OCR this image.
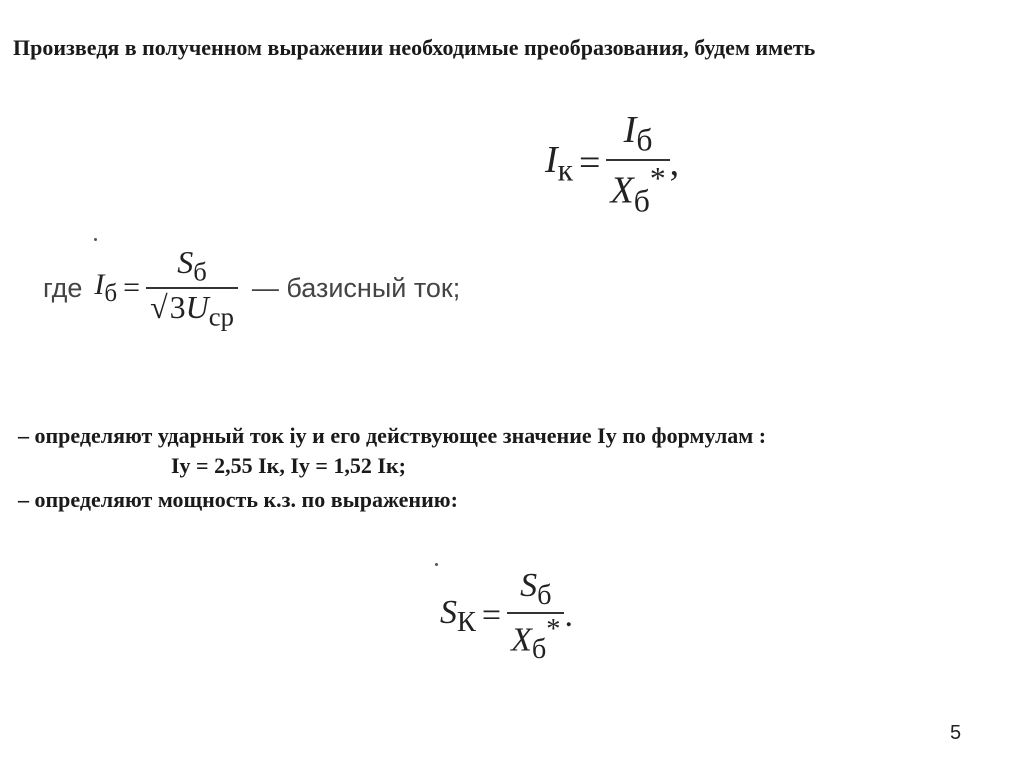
Произведя в полученном выражении необходимые преобразования, будем иметь
$I_к = \frac{I_б}{X_б^*}$ ,
где $I_б = \frac{S_б}{√3U_{ср}}$ — базисный ток;
– определяют ударный ток iу и его действующее значение Iу по формулам :
Iу = 2,55 Iк, Iу = 1,52 Iк;
– определяют мощность к.з. по выражению:
$S_К = \frac{S_б}{X_б^*}$ .
5
